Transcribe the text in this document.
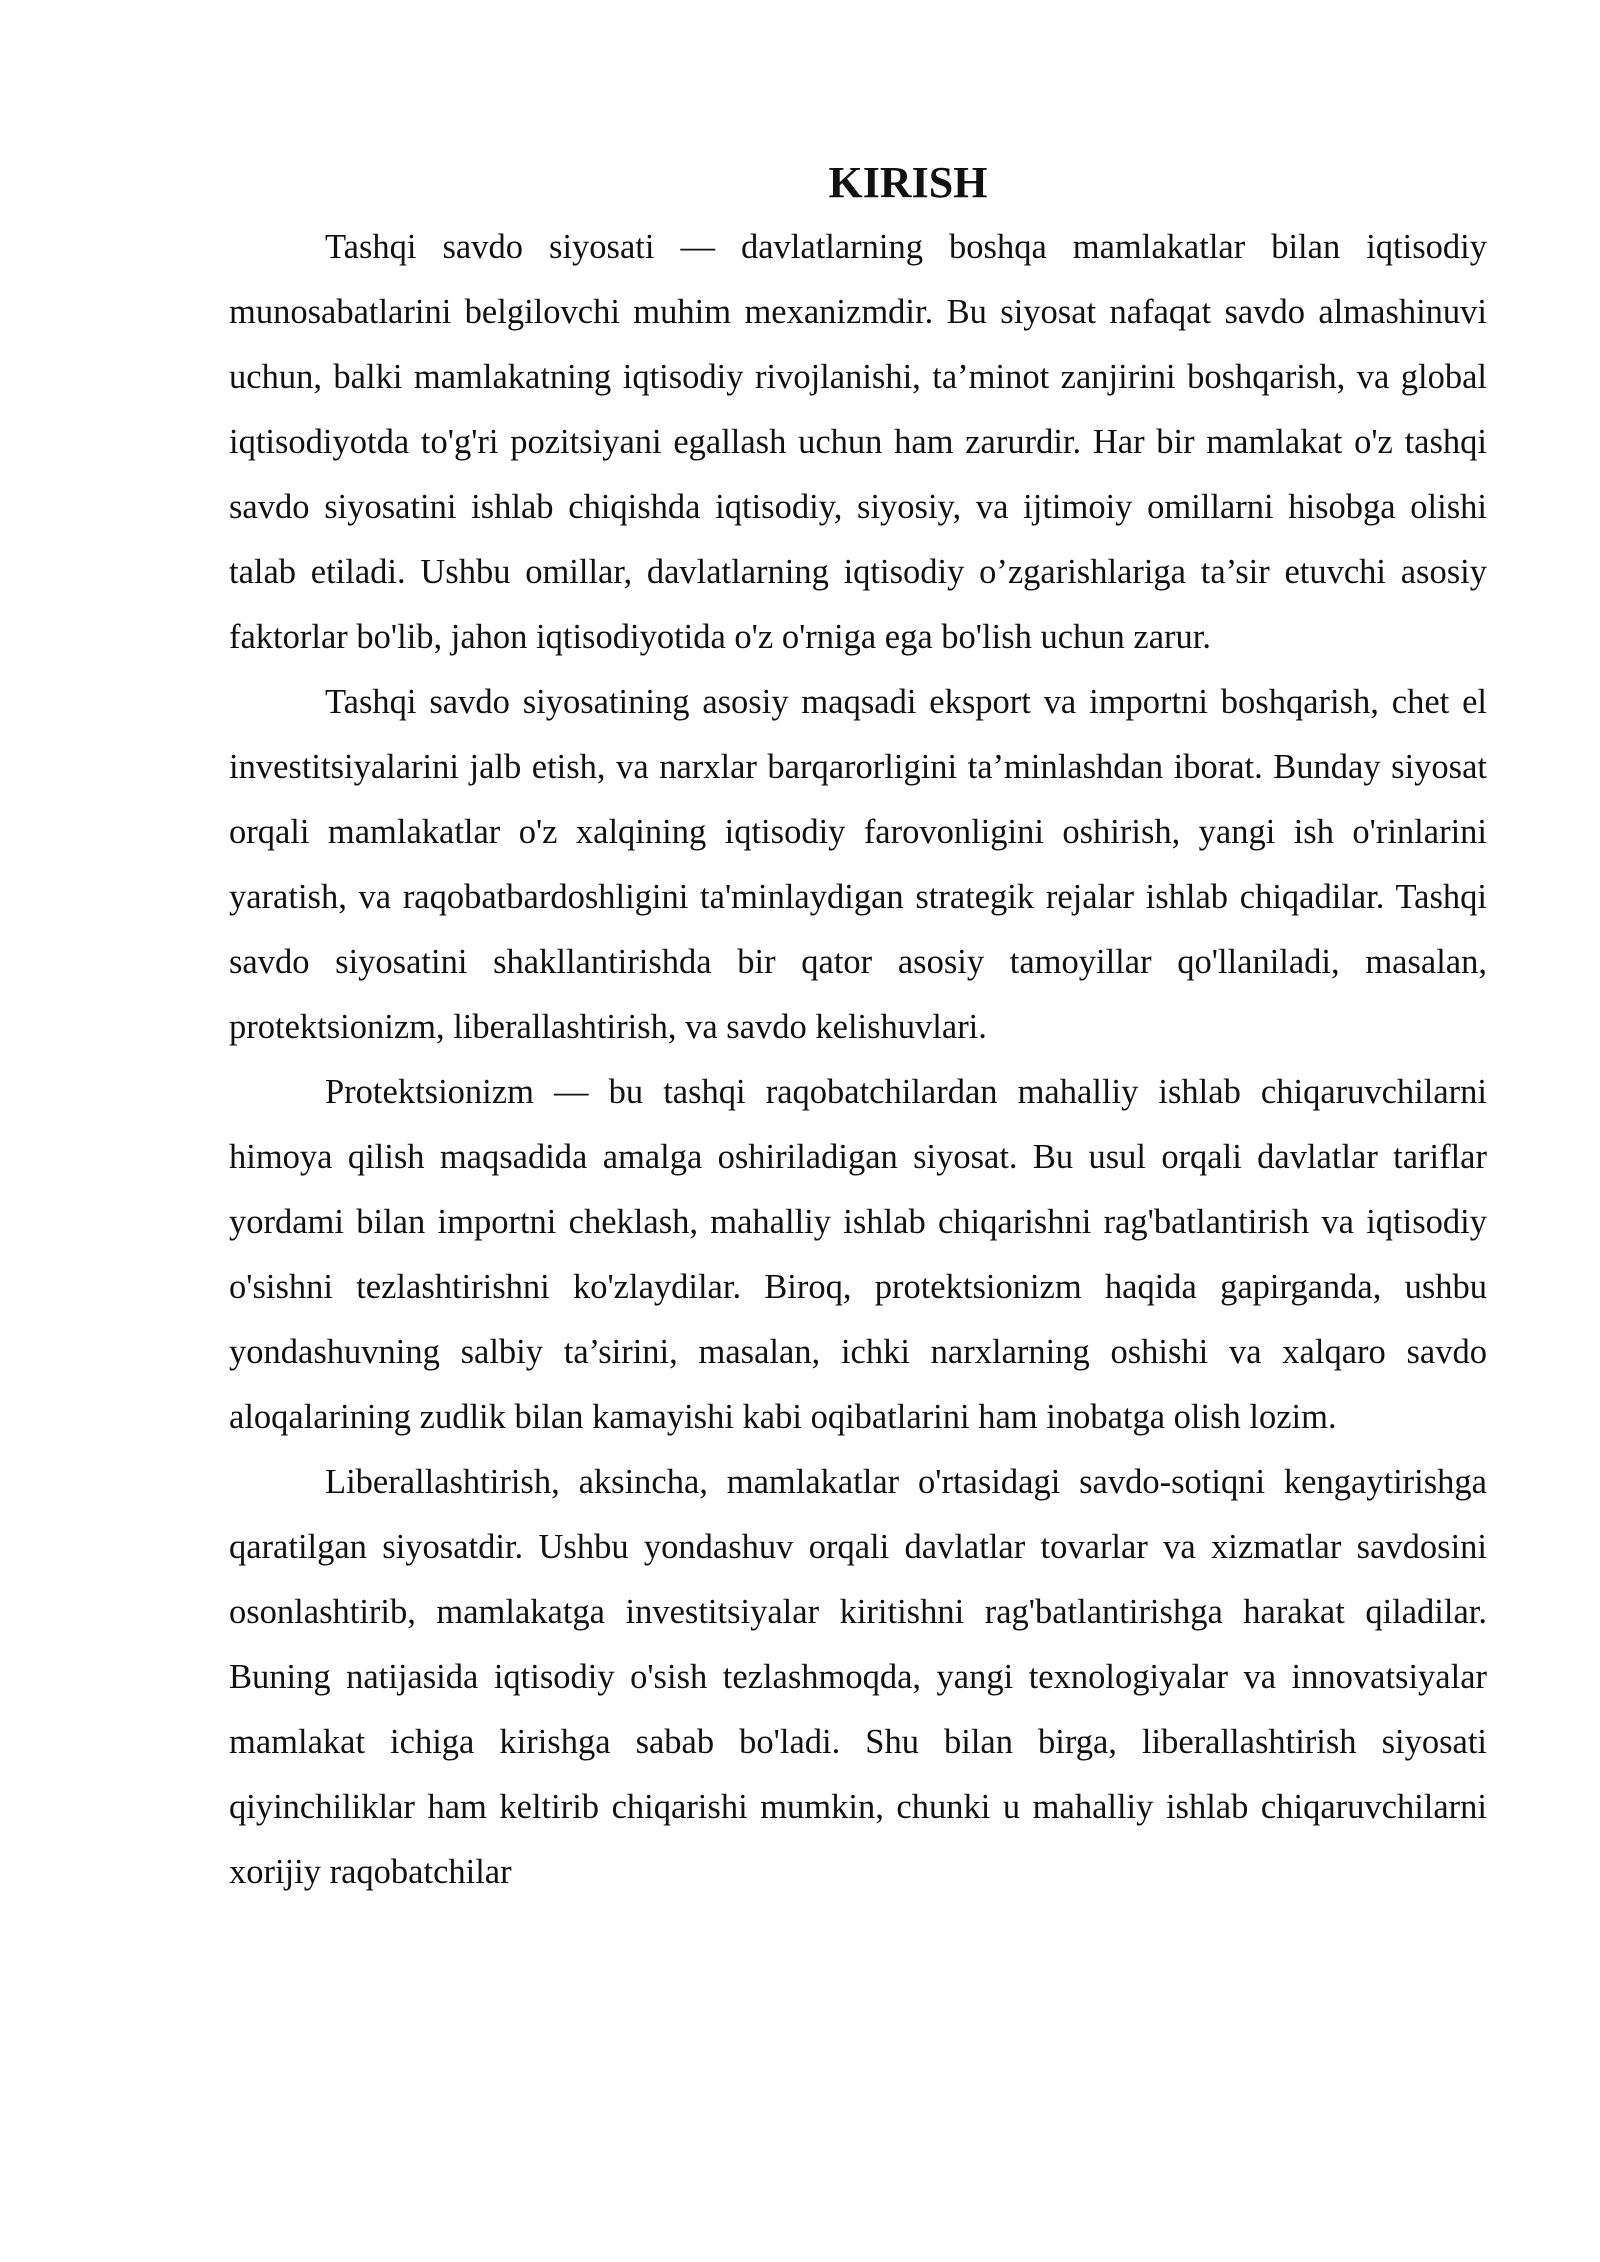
KIRISH

Tashqi savdo siyosati — davlatlarning boshqa mamlakatlar bilan iqtisodiy munosabatlarini belgilovchi muhim mexanizmdir. Bu siyosat nafaqat savdo almashinuvi uchun, balki mamlakatning iqtisodiy rivojlanishi, ta’minot zanjirini boshqarish, va global iqtisodiyotda to'g'ri pozitsiyani egallash uchun ham zarurdir. Har bir mamlakat o'z tashqi savdo siyosatini ishlab chiqishda iqtisodiy, siyosiy, va ijtimoiy omillarni hisobga olishi talab etiladi. Ushbu omillar, davlatlarning iqtisodiy o’zgarishlariga ta’sir etuvchi asosiy faktorlar bo'lib, jahon iqtisodiyotida o'z o'rniga ega bo'lish uchun zarur.

Tashqi savdo siyosatining asosiy maqsadi eksport va importni boshqarish, chet el investitsiyalarini jalb etish, va narxlar barqarorligini ta’minlashdan iborat. Bunday siyosat orqali mamlakatlar o'z xalqining iqtisodiy farovonligini oshirish, yangi ish o'rinlarini yaratish, va raqobatbardoshligini ta'minlaydigan strategik rejalar ishlab chiqadilar. Tashqi savdo siyosatini shakllantirishda bir qator asosiy tamoyillar qo'llaniladi, masalan, protektsionizm, liberallashtirish, va savdo kelishuvlari.

Protektsionizm — bu tashqi raqobatchilardan mahalliy ishlab chiqaruvchilarni himoya qilish maqsadida amalga oshiriladigan siyosat. Bu usul orqali davlatlar tariflar yordami bilan importni cheklash, mahalliy ishlab chiqarishni rag'batlantirish va iqtisodiy o'sishni tezlashtirishni ko'zlaydilar. Biroq, protektsionizm haqida gapirganda, ushbu yondashuvning salbiy ta’sirini, masalan, ichki narxlarning oshishi va xalqaro savdo aloqalarining zudlik bilan kamayishi kabi oqibatlarini ham inobatga olish lozim.

Liberallashtirish, aksincha, mamlakatlar o'rtasidagi savdo-sotiqni kengaytirishga qaratilgan siyosatdir. Ushbu yondashuv orqali davlatlar tovarlar va xizmatlar savdosini osonlashtirib, mamlakatga investitsiyalar kiritishni rag'batlantirishga harakat qiladilar. Buning natijasida iqtisodiy o'sish tezlashmoqda, yangi texnologiyalar va innovatsiyalar mamlakat ichiga kirishga sabab bo'ladi. Shu bilan birga, liberallashtirish siyosati qiyinchiliklar ham keltirib chiqarishi mumkin, chunki u mahalliy ishlab chiqaruvchilarni xorijiy raqobatchilar
